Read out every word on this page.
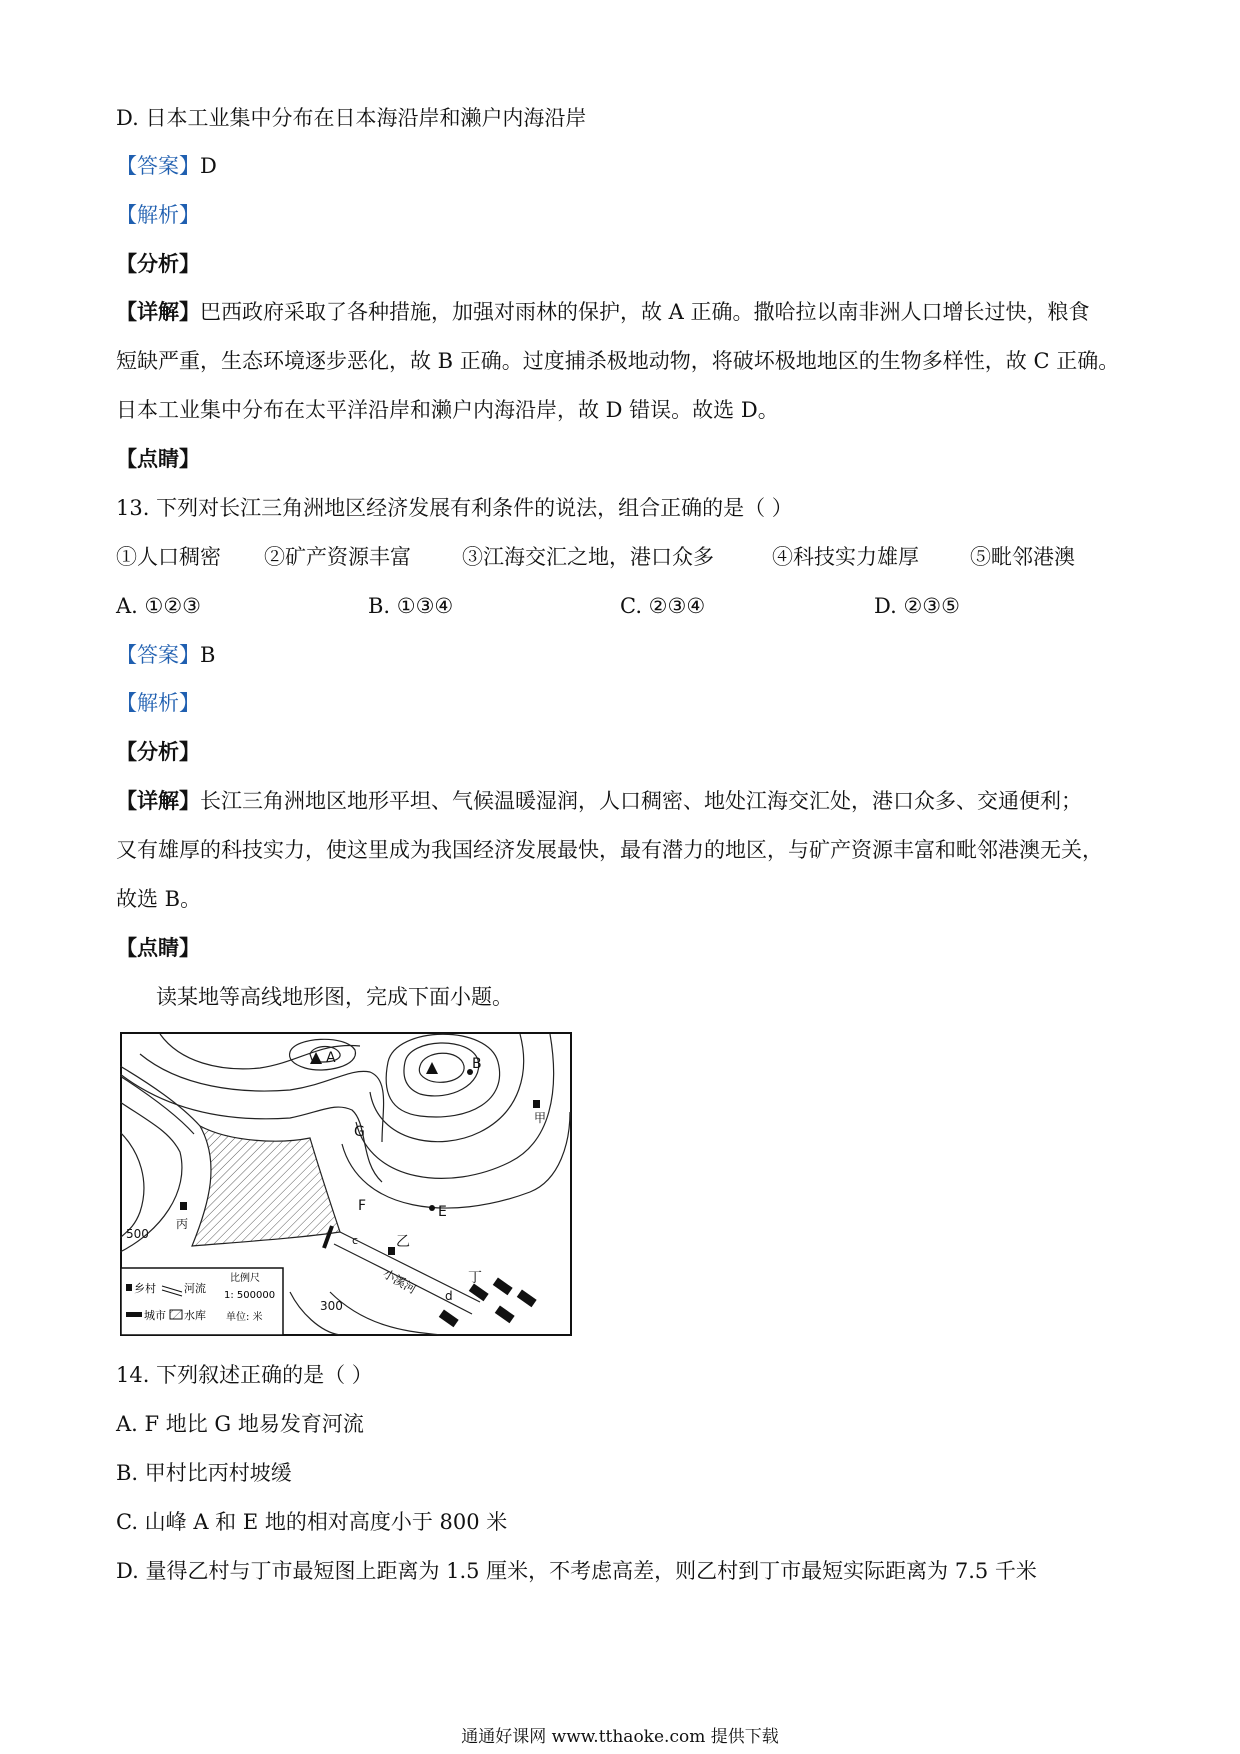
D. 日本工业集中分布在日本海沿岸和濑户内海沿岸
【答案】D
【解析】
【分析】
【详解】巴西政府采取了各种措施，加强对雨林的保护，故 A 正确。撒哈拉以南非洲人口增长过快，粮食
短缺严重，生态环境逐步恶化，故 B 正确。过度捕杀极地动物，将破坏极地地区的生物多样性，故 C 正确。
日本工业集中分布在太平洋沿岸和濑户内海沿岸，故 D 错误。故选 D。
【点睛】
13. 下列对长江三角洲地区经济发展有利条件的说法，组合正确的是（ ）
①人口稠密 ②矿产资源丰富 ③江海交汇之地，港口众多	④科技实力雄厚 ⑤毗邻港澳
A. ①②③	B. ①③④	C. ②③④	D. ②③⑤
【答案】B
【解析】
【分析】
【详解】长江三角洲地区地形平坦、气候温暖湿润，人口稠密、地处江海交汇处，港口众多、交通便利；
又有雄厚的科技实力，使这里成为我国经济发展最快，最有潜力的地区，与矿产资源丰富和毗邻港澳无关，
故选 B。
【点睛】
读某地等高线地形图，完成下面小题。
A	B
G
F	E
甲
丙
乙
丁
c
d
小溪河
500
300
乡村	河流
城市 水库
比例尺
1: 500000
单位: 米
14. 下列叙述正确的是（ ）
A. F 地比 G 地易发育河流
B. 甲村比丙村坡缓
C. 山峰 A 和 E 地的相对高度小于 800 米
D. 量得乙村与丁市最短图上距离为 1.5 厘米，不考虑高差，则乙村到丁市最短实际距离为 7.5 千米
通通好课网 www.tthaoke.com 提供下载
